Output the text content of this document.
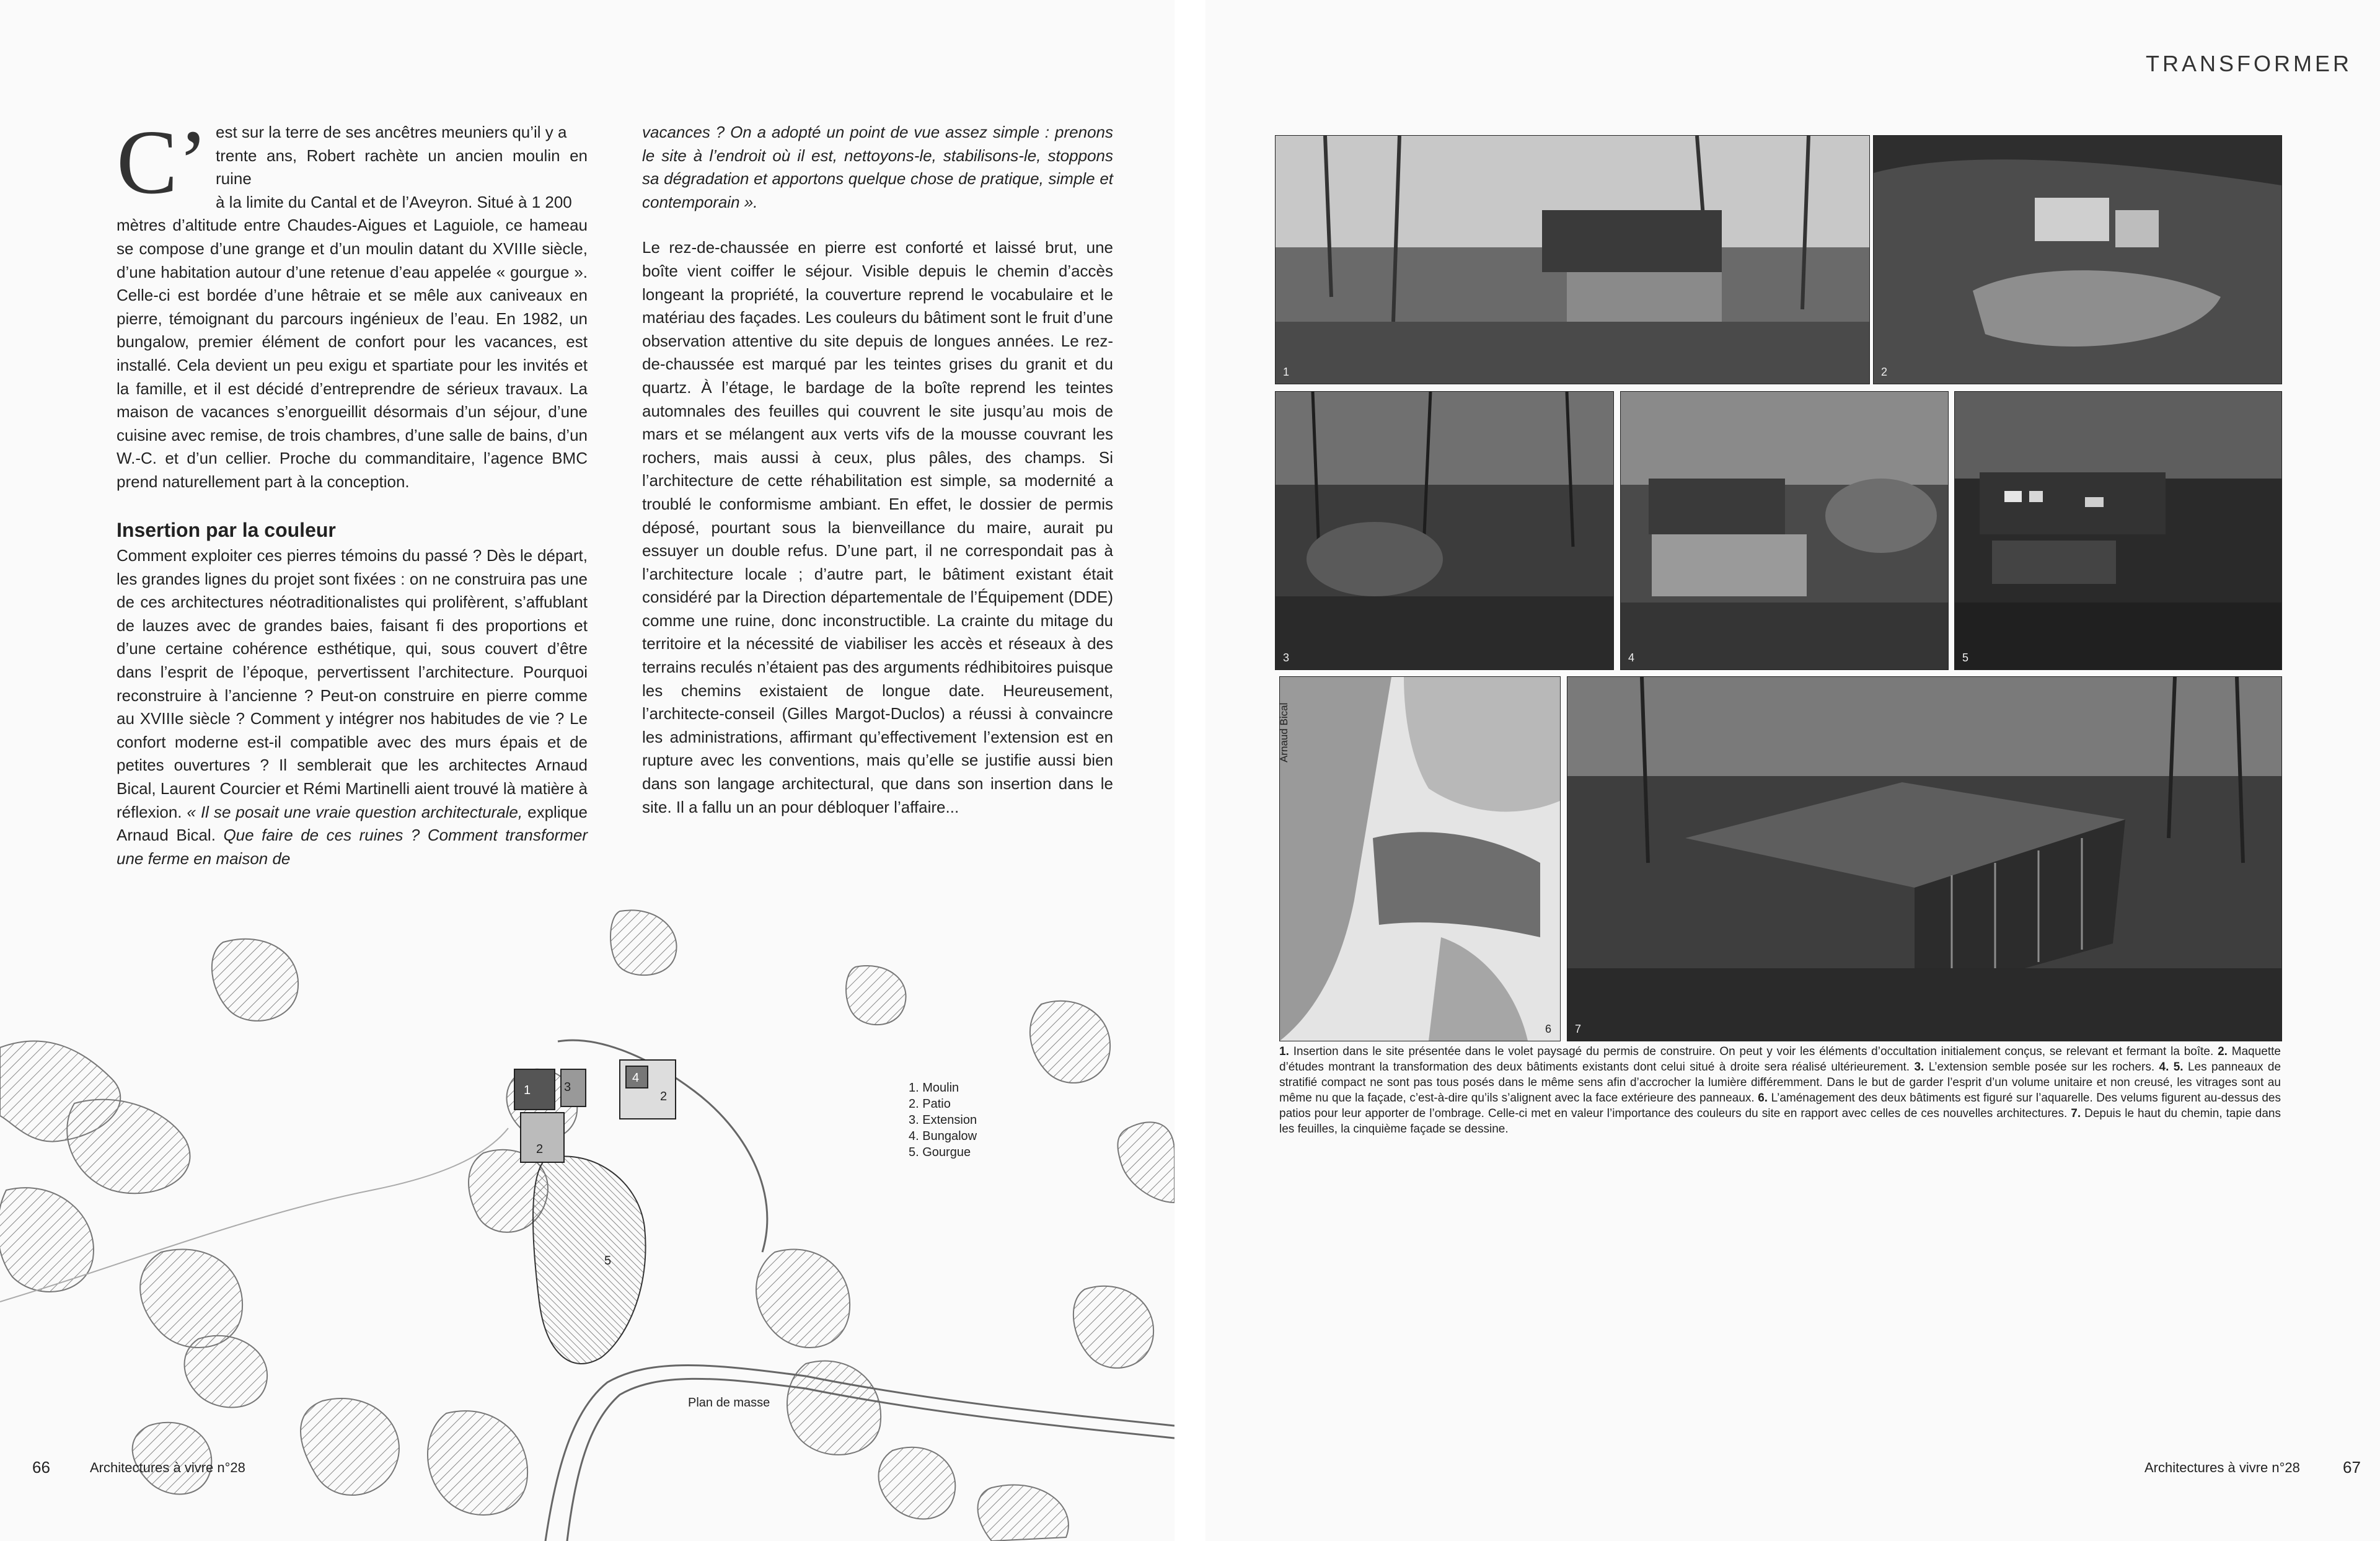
C’ est sur la terre de ses ancêtres meuniers qu’il y a

trente ans, Robert rachète un ancien moulin en ruine

à la limite du Cantal et de l’Aveyron. Situé à 1 200

mètres d’altitude entre Chaudes-Aigues et Laguiole, ce hameau se compose d’une grange et d’un moulin datant du XVIIIe siècle, d’une habitation autour d’une retenue d’eau appelée « gourgue ». Celle-ci est bordée d’une hêtraie et se mêle aux caniveaux en pierre, témoignant du parcours ingénieux de l’eau. En 1982, un bungalow, premier élément de confort pour les vacances, est installé. Cela devient un peu exigu et spartiate pour les invités et la famille, et il est décidé d’entreprendre de sérieux travaux. La maison de vacances s’enorgueillit désormais d’un séjour, d’une cuisine avec remise, de trois chambres, d’une salle de bains, d’un W.-C. et d’un cellier. Proche du commanditaire, l’agence BMC prend naturellement part à la conception.

Insertion par la couleur

Comment exploiter ces pierres témoins du passé ? Dès le départ, les grandes lignes du projet sont fixées : on ne construira pas une de ces architectures néotraditionalistes qui prolifèrent, s’affublant de lauzes avec de grandes baies, faisant fi des proportions et d’une certaine cohérence esthétique, qui, sous couvert d’être dans l’esprit de l’époque, pervertissent l’architecture. Pourquoi reconstruire à l’ancienne ? Peut-on construire en pierre comme au XVIIIe siècle ? Comment y intégrer nos habitudes de vie ? Le confort moderne est-il compatible avec des murs épais et de petites ouvertures ? Il semblerait que les architectes Arnaud Bical, Laurent Courcier et Rémi Martinelli aient trouvé là matière à réflexion. « Il se posait une vraie question architecturale, explique Arnaud Bical. Que faire de ces ruines ? Comment transformer une ferme en maison de

vacances ? On a adopté un point de vue assez simple : prenons le site à l’endroit où il est, nettoyons-le, stabilisons-le, stoppons sa dégradation et apportons quelque chose de pratique, simple et contemporain ».

Le rez-de-chaussée en pierre est conforté et laissé brut, une boîte vient coiffer le séjour. Visible depuis le chemin d’accès longeant la propriété, la couverture reprend le vocabulaire et le matériau des façades. Les couleurs du bâtiment sont le fruit d’une observation attentive du site depuis de longues années. Le rez-de-chaussée est marqué par les teintes grises du granit et du quartz. À l’étage, le bardage de la boîte reprend les teintes automnales des feuilles qui couvrent le site jusqu’au mois de mars et se mélangent aux verts vifs de la mousse couvrant les rochers, mais aussi à ceux, plus pâles, des champs. Si l’architecture de cette réhabilitation est simple, sa modernité a troublé le conformisme ambiant. En effet, le dossier de permis déposé, pourtant sous la bienveillance du maire, aurait pu essuyer un double refus. D’une part, il ne correspondait pas à l’architecture locale ; d’autre part, le bâtiment existant était considéré par la Direction départementale de l’Équipement (DDE) comme une ruine, donc inconstructible. La crainte du mitage du territoire et la nécessité de viabiliser les accès et réseaux à des terrains reculés n’étaient pas des arguments rédhibitoires puisque les chemins existaient de longue date. Heureusement, l’architecte-conseil (Gilles Margot-Duclos) a réussi à convaincre les administrations, affirmant qu’effectivement l’extension est en rupture avec les conventions, mais qu’elle se justifie aussi bien dans son langage architectural, que dans son insertion dans le site. Il a fallu un an pour débloquer l’affaire...

1
2
3
4
2
5
1. Moulin
2. Patio
3. Extension
4. Bungalow
5. Gourgue
Plan de masse
66	Architectures à vivre n°28
TRANSFORMER
1	2
3	4	5
6 7
Arnaud Bical
1. Insertion dans le site présentée dans le volet paysagé du permis de construire. On peut y voir les éléments d’occultation initialement conçus, se relevant et fermant la boîte. 2. Maquette d’études montrant la transformation des deux bâtiments existants dont celui situé à droite sera réalisé ultérieurement. 3. L’extension semble posée sur les rochers. 4. 5. Les panneaux de stratifié compact ne sont pas tous posés dans le même sens afin d’accrocher la lumière différemment. Dans le but de garder l’esprit d’un volume unitaire et non creusé, les vitrages sont au même nu que la façade, c’est-à-dire qu’ils s’alignent avec la face extérieure des panneaux. 6. L’aménagement des deux bâtiments est figuré sur l’aquarelle. Des velums figurent au-dessus des patios pour leur apporter de l’ombrage. Celle-ci met en valeur l’importance des couleurs du site en rapport avec celles de ces nouvelles architectures. 7. Depuis le haut du chemin, tapie dans les feuilles, la cinquième façade se dessine.
Architectures à vivre n°28	67
